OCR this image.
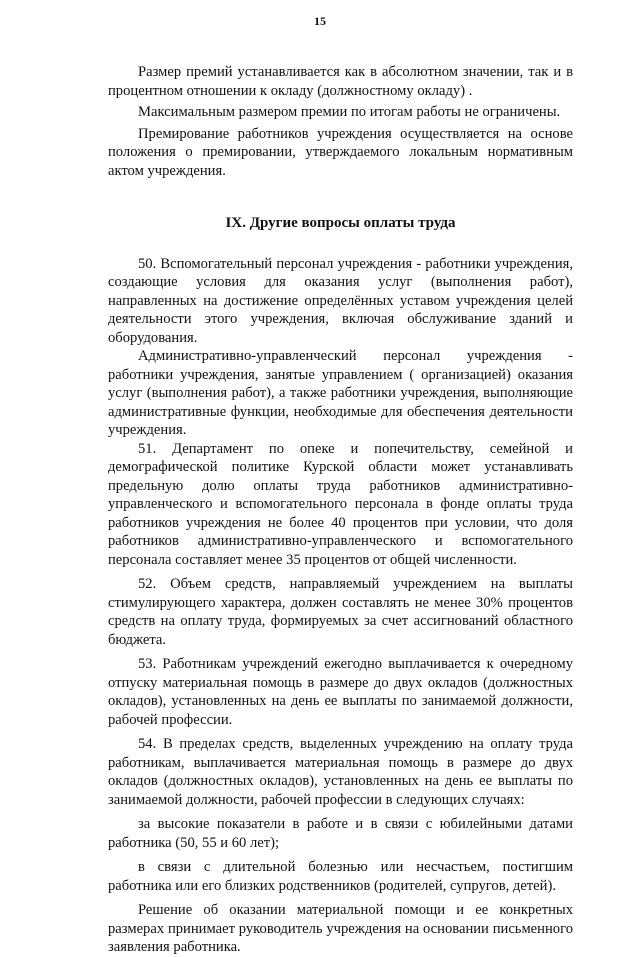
15

Размер премий устанавливается как в абсолютном значении, так и в процентном отношении к окладу (должностному окладу) .

Максимальным размером премии по итогам работы не ограничены.

Премирование работников учреждения осуществляется на основе положения о премировании, утверждаемого локальным нормативным актом учреждения.

IX. Другие вопросы оплаты труда

50. Вспомогательный персонал учреждения - работники учреждения, создающие условия для оказания услуг (выполнения работ), направленных на достижение определённых уставом учреждения целей деятельности этого учреждения, включая обслуживание зданий и оборудования.

Административно-управленческий персонал учреждения - работники учреждения, занятые управлением ( организацией) оказания услуг (выполнения работ), а также работники учреждения, выполняющие административные функции, необходимые для обеспечения деятельности учреждения.

51. Департамент по опеке и попечительству, семейной и демографической политике Курской области может устанавливать предельную долю оплаты труда работников административно-управленческого и вспомогательного персонала в фонде оплаты труда работников учреждения не более 40 процентов при условии, что доля работников административно-управленческого и вспомогательного персонала составляет менее 35 процентов от общей численности.

52. Объем средств, направляемый учреждением на выплаты стимулирующего характера, должен составлять не менее 30% процентов средств на оплату труда, формируемых за счет ассигнований областного бюджета.

53. Работникам учреждений ежегодно выплачивается к очередному отпуску материальная помощь в размере до двух окладов (должностных окладов), установленных на день ее выплаты по занимаемой должности, рабочей профессии.

54. В пределах средств, выделенных учреждению на оплату труда работникам, выплачивается материальная помощь в размере до двух окладов (должностных окладов), установленных на день ее выплаты по занимаемой должности, рабочей профессии в следующих случаях:

за высокие показатели в работе и в связи с юбилейными датами работника (50, 55 и 60 лет);

в связи с длительной болезнью или несчастьем, постигшим работника или его близких родственников (родителей, супругов, детей).

Решение об оказании материальной помощи и ее конкретных размерах принимает руководитель учреждения на основании письменного заявления работника.
